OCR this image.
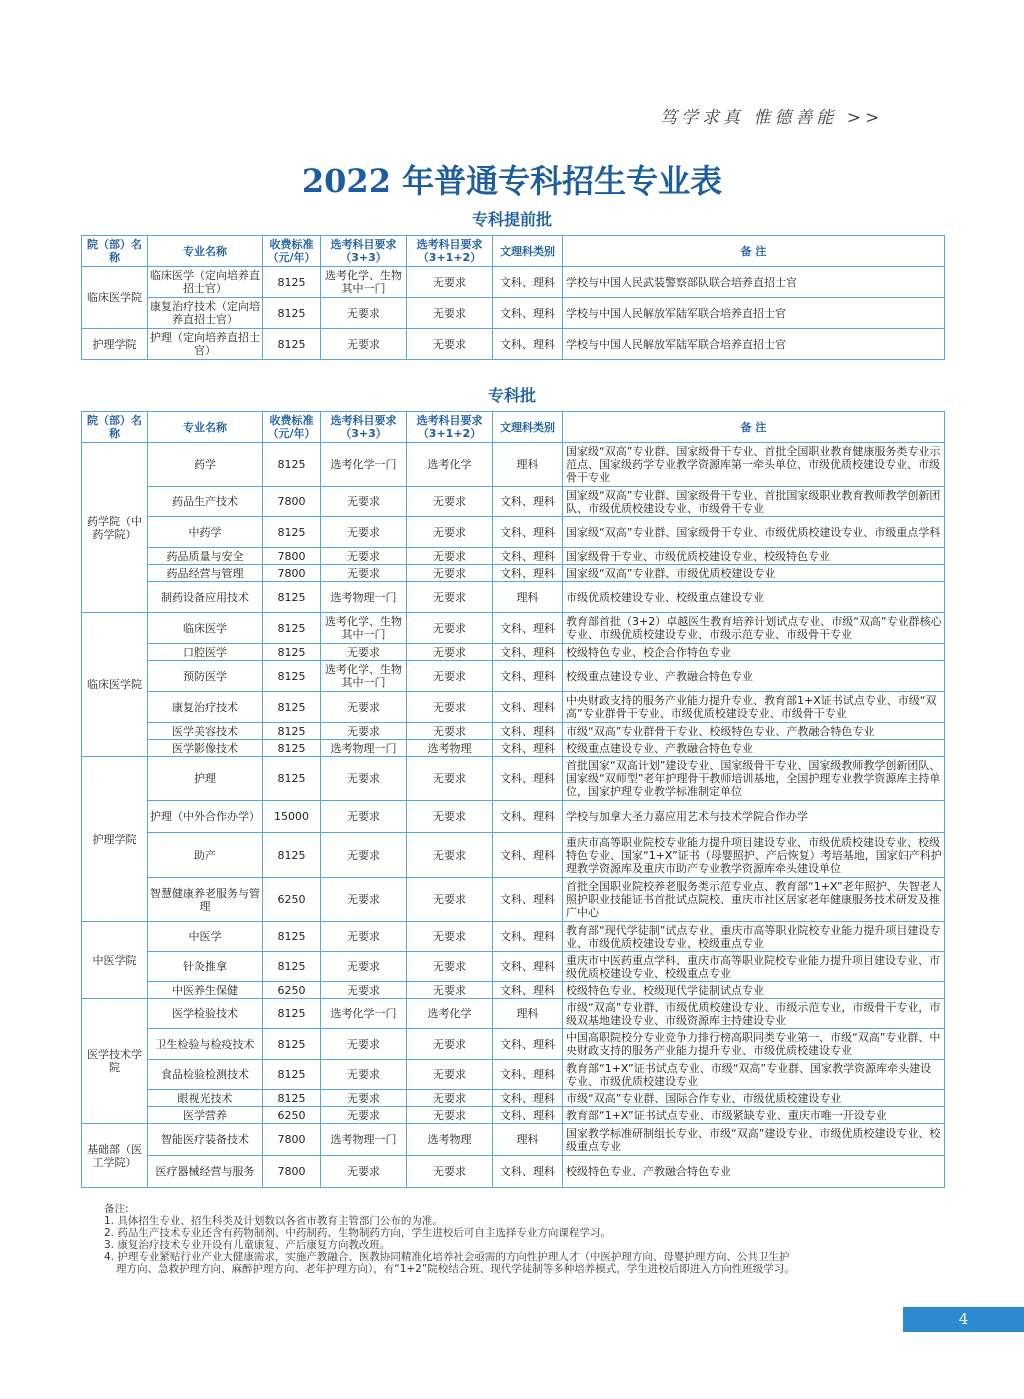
笃学求真 惟德善能 >>
2022 年普通专科招生专业表
专科提前批
院（部）名称	专业名称	收费标准（元/年）	选考科目要求（3+3）	选考科目要求（3+1+2）	文理科类别	备 注
临床医学院	临床医学（定向培养直招士官）	8125	选考化学、生物其中一门	无要求	文科、理科	学校与中国人民武装警察部队联合培养直招士官
	康复治疗技术（定向培养直招士官）	8125	无要求	无要求	文科、理科	学校与中国人民解放军陆军联合培养直招士官
护理学院	护理（定向培养直招士官）	8125	无要求	无要求	文科、理科	学校与中国人民解放军陆军联合培养直招士官
专科批
院（部）名称	专业名称	收费标准（元/年）	选考科目要求（3+3）	选考科目要求（3+1+2）	文理科类别	备 注
药学院（中药学院）	药学	8125	选考化学一门	选考化学	理科	国家级“双高”专业群、国家级骨干专业、首批全国职业教育健康服务类专业示范点、国家级药学专业教学资源库第一牵头单位、市级优质校建设专业、市级骨干专业
	药品生产技术	7800	无要求	无要求	文科、理科	国家级“双高”专业群、国家级骨干专业、首批国家级职业教育教师教学创新团队、市级优质校建设专业、市级骨干专业
	中药学	8125	无要求	无要求	文科、理科	国家级“双高”专业群、国家级骨干专业、市级优质校建设专业、市级重点学科
	药品质量与安全	7800	无要求	无要求	文科、理科	国家级骨干专业、市级优质校建设专业、校级特色专业
	药品经营与管理	7800	无要求	无要求	文科、理科	国家级“双高”专业群、市级优质校建设专业
	制药设备应用技术	8125	选考物理一门	无要求	理科	市级优质校建设专业、校级重点建设专业
临床医学院	临床医学	8125	选考化学、生物其中一门	无要求	文科、理科	教育部首批（3+2）卓越医生教育培养计划试点专业、市级“双高”专业群核心专业、市级优质校建设专业、市级示范专业、市级骨干专业
	口腔医学	8125	无要求	无要求	文科、理科	校级特色专业、校企合作特色专业
	预防医学	8125	选考化学、生物其中一门	无要求	文科、理科	校级重点建设专业、产教融合特色专业
	康复治疗技术	8125	无要求	无要求	文科、理科	中央财政支持的服务产业能力提升专业、教育部1+X证书试点专业、市级“双高”专业群骨干专业、市级优质校建设专业、市级骨干专业
	医学美容技术	8125	无要求	无要求	文科、理科	市级“双高”专业群骨干专业、校级特色专业、产教融合特色专业
	医学影像技术	8125	选考物理一门	选考物理	文科、理科	校级重点建设专业、产教融合特色专业
护理学院	护理	8125	无要求	无要求	文科、理科	首批国家“双高计划”建设专业、国家级骨干专业、国家级教师教学创新团队、国家级“双师型”老年护理骨干教师培训基地，全国护理专业教学资源库主持单位，国家护理专业教学标准制定单位
	护理（中外合作办学）	15000	无要求	无要求	文科、理科	学校与加拿大圣力嘉应用艺术与技术学院合作办学
	助产	8125	无要求	无要求	文科、理科	重庆市高等职业院校专业能力提升项目建设专业、市级优质校建设专业、校级特色专业、国家“1+X”证书（母婴照护、产后恢复）考培基地，国家妇产科护理教学资源库及重庆市助产专业教学资源库牵头建设单位
	智慧健康养老服务与管理	6250	无要求	无要求	文科、理科	首批全国职业院校养老服务类示范专业点、教育部“1+X”老年照护、失智老人照护职业技能证书首批试点院校、重庆市社区居家老年健康服务技术研发及推广中心
中医学院	中医学	8125	无要求	无要求	文科、理科	教育部“现代学徒制”试点专业、重庆市高等职业院校专业能力提升项目建设专业、市级优质校建设专业、校级重点专业
	针灸推拿	8125	无要求	无要求	文科、理科	重庆市中医药重点学科、重庆市高等职业院校专业能力提升项目建设专业、市级优质校建设专业、校级重点专业
	中医养生保健	6250	无要求	无要求	文科、理科	校级特色专业、校级现代学徒制试点专业
医学技术学院	医学检验技术	8125	选考化学一门	选考化学	理科	市级“双高”专业群、市级优质校建设专业、市级示范专业，市级骨干专业，市级双基地建设专业、市级资源库主持建设专业
	卫生检验与检疫技术	8125	无要求	无要求	文科、理科	中国高职院校分专业竞争力排行榜高职同类专业第一、市级“双高”专业群、中央财政支持的服务产业能力提升专业、市级优质校建设专业
	食品检验检测技术	8125	无要求	无要求	文科、理科	教育部“1+X”证书试点专业、市级“双高”专业群、国家教学资源库牵头建设专业、市级优质校建设专业
	眼视光技术	8125	无要求	无要求	文科、理科	市级“双高”专业群、国际合作专业、市级优质校建设专业
	医学营养	6250	无要求	无要求	文科、理科	教育部“1+X”证书试点专业、市级紧缺专业、重庆市唯一开设专业
基础部（医工学院）	智能医疗装备技术	7800	选考物理一门	选考物理	理科	国家教学标准研制组长专业、市级“双高”建设专业、市级优质校建设专业、校级重点专业
	医疗器械经营与服务	7800	无要求	无要求	文科、理科	校级特色专业、产教融合特色专业
备注:
1. 具体招生专业、招生科类及计划数以各省市教育主管部门公布的为准。
2. 药品生产技术专业还含有药物制剂、中药制药、生物制药方向，学生进校后可自主选择专业方向课程学习。
3. 康复治疗技术专业开设有儿童康复、产后康复方向教改班。
4. 护理专业紧贴行业产业大健康需求，实施产教融合、医教协同精准化培养社会亟需的方向性护理人才（中医护理方向、母婴护理方向、公共卫生护
理方向、急救护理方向、麻醉护理方向、老年护理方向），有“1+2”院校结合班、现代学徒制等多种培养模式，学生进校后即进入方向性班级学习。
4
